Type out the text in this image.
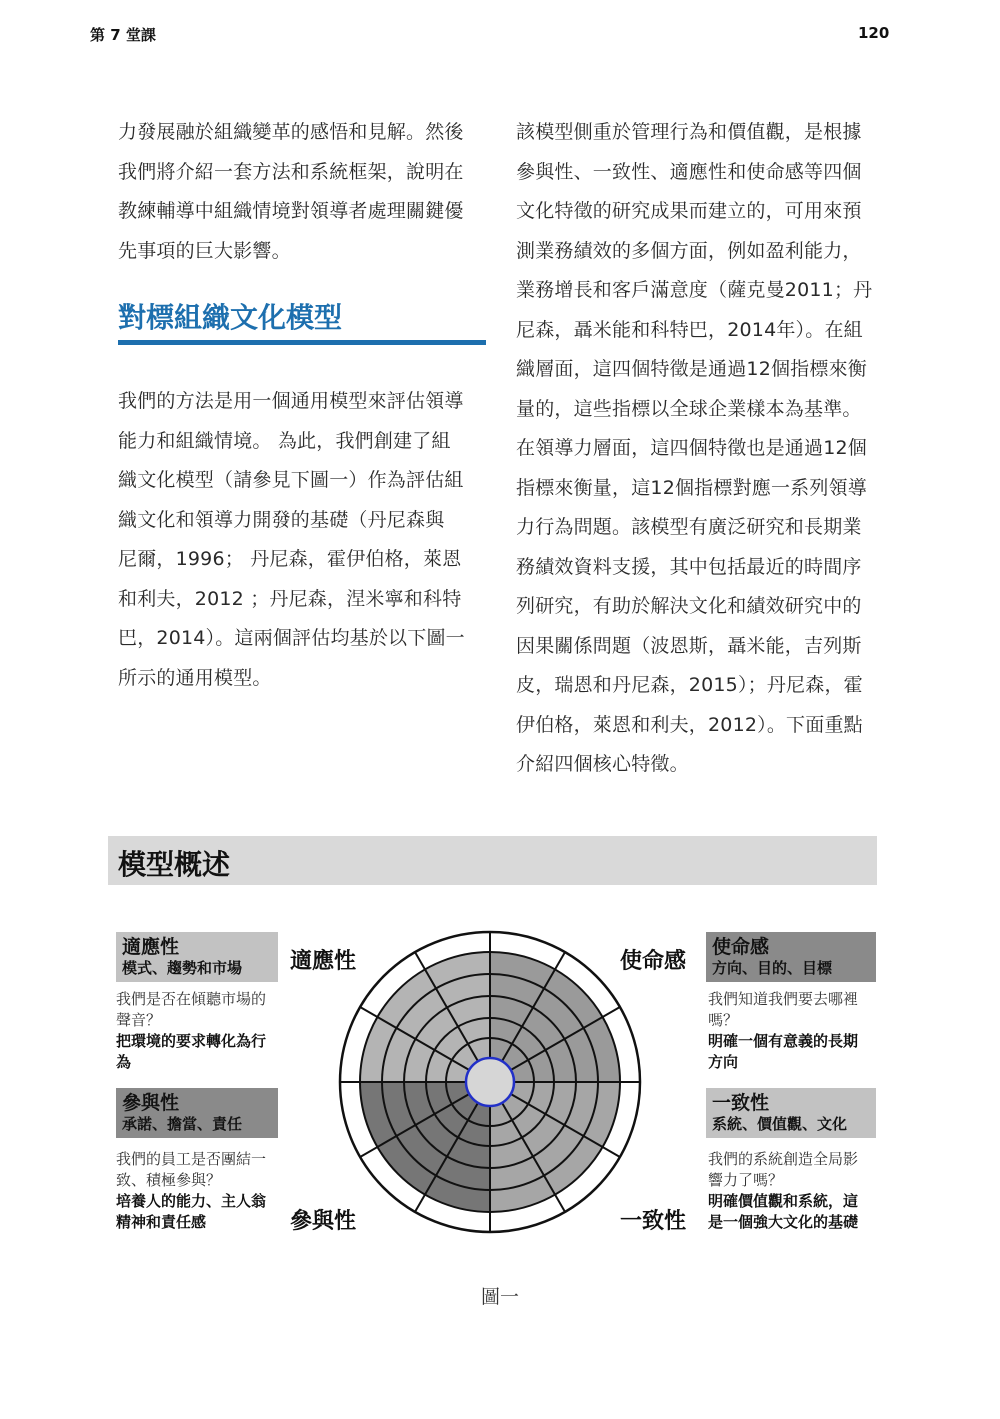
第 7 堂課	120
力發展融於組織變革的感悟和見解。然後
我們將介紹一套方法和系統框架，說明在
教練輔導中組織情境對領導者處理關鍵優
先事項的巨大影響。
對標組織文化模型
我們的方法是用一個通用模型來評估領導
能力和組織情境。 為此，我們創建了組
織文化模型（請參見下圖一）作為評估組
織文化和領導力開發的基礎（丹尼森與
尼爾，1996； 丹尼森，霍伊伯格，萊恩
和利夫，2012 ；丹尼森，涅米寧和科特
巴，2014）。這兩個評估均基於以下圖一
所示的通用模型。
該模型側重於管理行為和價值觀，是根據
參與性、一致性、適應性和使命感等四個
文化特徵的研究成果而建立的，可用來預
測業務績效的多個方面，例如盈利能力，
業務增長和客戶滿意度（薩克曼2011；丹
尼森，聶米能和科特巴，2014年）。在組
織層面，這四個特徵是通過12個指標來衡
量的，這些指標以全球企業樣本為基準。
在領導力層面，這四個特徵也是通過12個
指標來衡量，這12個指標對應一系列領導
力行為問題。該模型有廣泛研究和長期業
務績效資料支援，其中包括最近的時間序
列研究，有助於解決文化和績效研究中的
因果關係問題（波恩斯，聶米能，吉列斯
皮，瑞恩和丹尼森，2015）；丹尼森，霍
伊伯格，萊恩和利夫，2012）。下面重點
介紹四個核心特徵。
模型概述
適應性
模式、趨勢和市場
我們是否在傾聽市場的聲音？
把環境的要求轉化為行為
參與性
承諾、擔當、責任
我們的員工是否團結一致、積極參與？
培養人的能力、主人翁精神和責任感
使命感
方向、目的、目標
我們知道我們要去哪裡嗎？
明確一個有意義的長期方向
一致性
系統、價值觀、文化
我們的系統創造全局影響力了嗎？
明確價值觀和系統，這是一個強大文化的基礎
適應性	使命感
參與性	一致性
圖一
